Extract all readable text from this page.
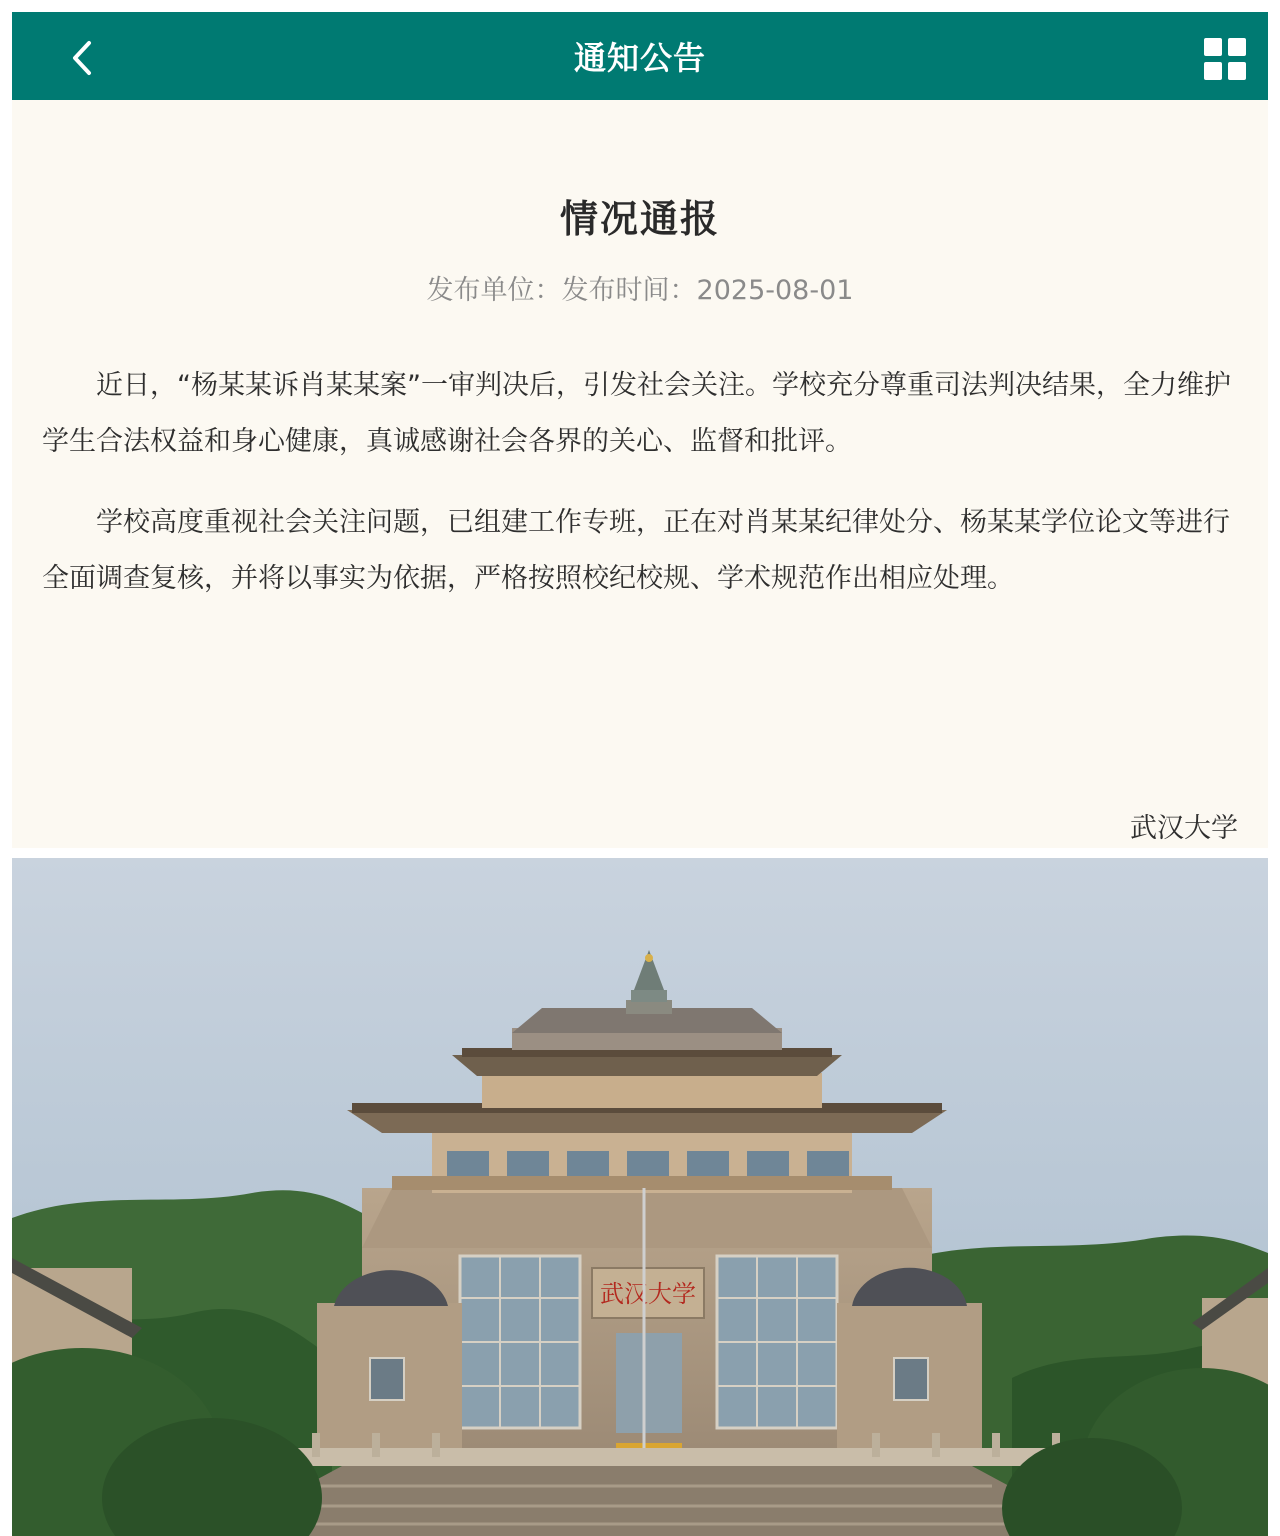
通知公告
情况通报
发布单位：发布时间：2025-08-01

近日，“杨某某诉肖某某案”一审判决后，引发社会关注。学校充分尊重司法判决结果，全力维护学生合法权益和身心健康，真诚感谢社会各界的关心、监督和批评。

学校高度重视社会关注问题，已组建工作专班，正在对肖某某纪律处分、杨某某学位论文等进行全面调查复核，并将以事实为依据，严格按照校纪校规、学术规范作出相应处理。

武汉大学
武汉大学
